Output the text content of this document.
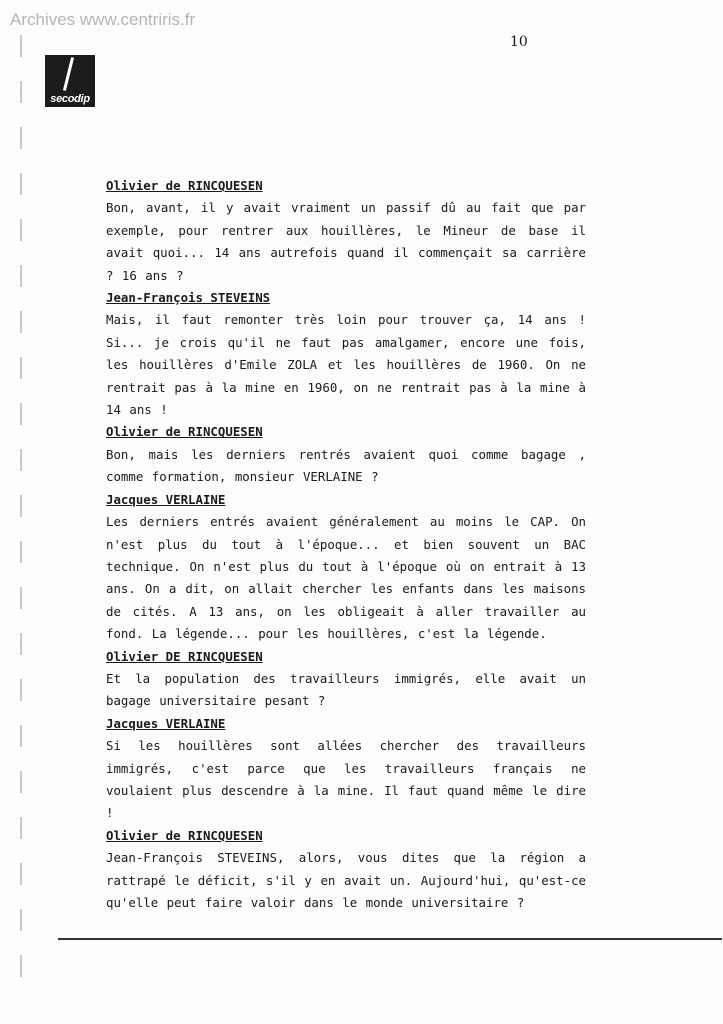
Archives www.centriris.fr
10
secodip
Olivier de RINCQUESEN

Bon, avant, il y avait vraiment un passif dû au fait que par exemple, pour rentrer aux houillères, le Mineur de base il avait quoi... 14 ans autrefois quand il commençait sa carrière ? 16 ans ?

Jean-François STEVEINS

Mais, il faut remonter très loin pour trouver ça, 14 ans ! Si... je crois qu'il ne faut pas amalgamer, encore une fois, les houillères d'Emile ZOLA et les houillères de 1960. On ne rentrait pas à la mine en 1960, on ne rentrait pas à la mine à 14 ans !

Olivier de RINCQUESEN

Bon, mais les derniers rentrés avaient quoi comme bagage , comme formation, monsieur VERLAINE ?

Jacques VERLAINE

Les derniers entrés avaient généralement au moins le CAP. On n'est plus du tout à l'époque... et bien souvent un BAC technique. On n'est plus du tout à l'époque où on entrait à 13 ans. On a dit, on allait chercher les enfants dans les maisons de cités. A 13 ans, on les obligeait à aller travailler au fond. La légende... pour les houillères, c'est la légende.

Olivier DE RINCQUESEN

Et la population des travailleurs immigrés, elle avait un bagage universitaire pesant ?

Jacques VERLAINE

Si les houillères sont allées chercher des travailleurs immigrés, c'est parce que les travailleurs français ne voulaient plus descendre à la mine. Il faut quand même le dire !

Olivier de RINCQUESEN

Jean-François STEVEINS, alors, vous dites que la région a rattrapé le déficit, s'il y en avait un. Aujourd'hui, qu'est-ce qu'elle peut faire valoir dans le monde universitaire ?
